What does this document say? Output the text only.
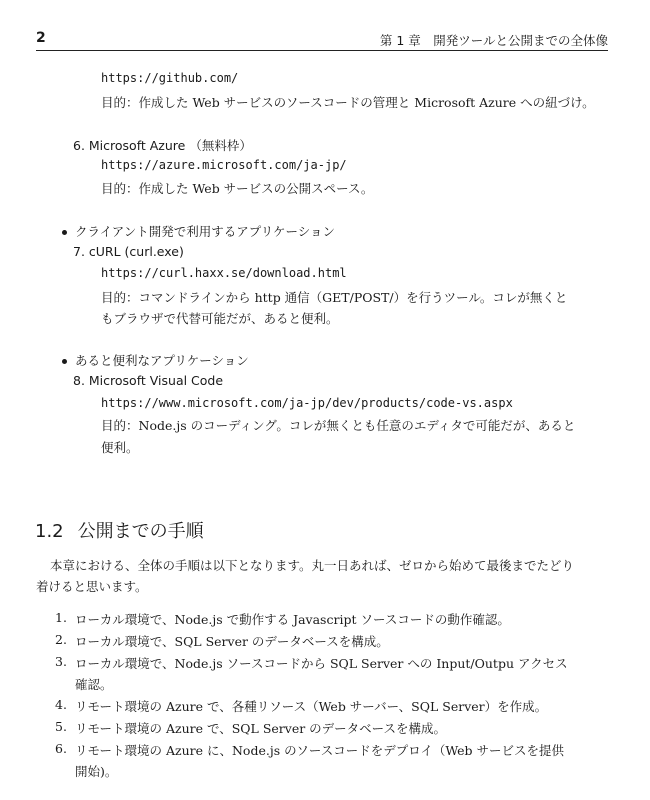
2	第 1 章　開発ツールと公開までの全体像
https://github.com/
目的：作成した Web サービスのソースコードの管理と Microsoft Azure への紐づけ。
6. Microsoft Azure （無料枠）
https://azure.microsoft.com/ja-jp/
目的：作成した Web サービスの公開スペース。
クライアント開発で利用するアプリケーション
7. cURL (curl.exe)
https://curl.haxx.se/download.html
目的：コマンドラインから http 通信（GET/POST/）を行うツール。コレが無くと
もブラウザで代替可能だが、あると便利。
あると便利なアプリケーション
8. Microsoft Visual Code
https://www.microsoft.com/ja-jp/dev/products/code-vs.aspx
目的：Node.js のコーディング。コレが無くとも任意のエディタで可能だが、あると
便利。
1.2 公開までの手順
本章における、全体の手順は以下となります。丸一日あれば、ゼロから始めて最後までたどり
着けると思います。
1. ローカル環境で、Node.js で動作する Javascript ソースコードの動作確認。
2. ローカル環境で、SQL Server のデータベースを構成。
3. ローカル環境で、Node.js ソースコードから SQL Server への Input/Outpu アクセス
確認。
4. リモート環境の Azure で、各種リソース（Web サーバー、SQL Server）を作成。
5. リモート環境の Azure で、SQL Server のデータベースを構成。
6. リモート環境の Azure に、Node.js のソースコードをデプロイ（Web サービスを提供
開始)。
